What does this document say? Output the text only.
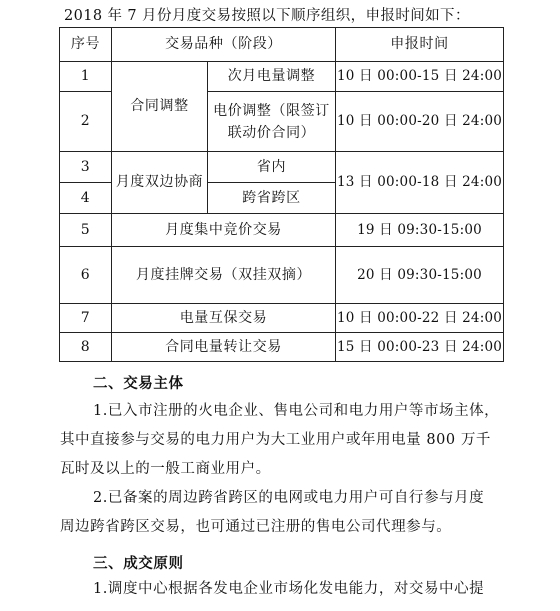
2018 年 7 月份月度交易按照以下顺序组织，申报时间如下：
序号	交易品种（阶段）		申报时间
1	合同调整	次月电量调整	10 日 00:00-15 日 24:00
2		电价调整（限签订
联动价合同）	10 日 00:00-20 日 24:00
3	月度双边协商	省内	13 日 00:00-18 日 24:00
4		跨省跨区	
5	月度集中竞价交易		19 日 09:30-15:00
6	月度挂牌交易（双挂双摘）		20 日 09:30-15:00
7	电量互保交易		10 日 00:00-22 日 24:00
8	合同电量转让交易		15 日 00:00-23 日 24:00
二、交易主体
1.已入市注册的火电企业、售电公司和电力用户等市场主体，
其中直接参与交易的电力用户为大工业用户或年用电量 800 万千
瓦时及以上的一般工商业用户。
2.已备案的周边跨省跨区的电网或电力用户可自行参与月度
周边跨省跨区交易，也可通过已注册的售电公司代理参与。
三、成交原则
1.调度中心根据各发电企业市场化发电能力，对交易中心提
